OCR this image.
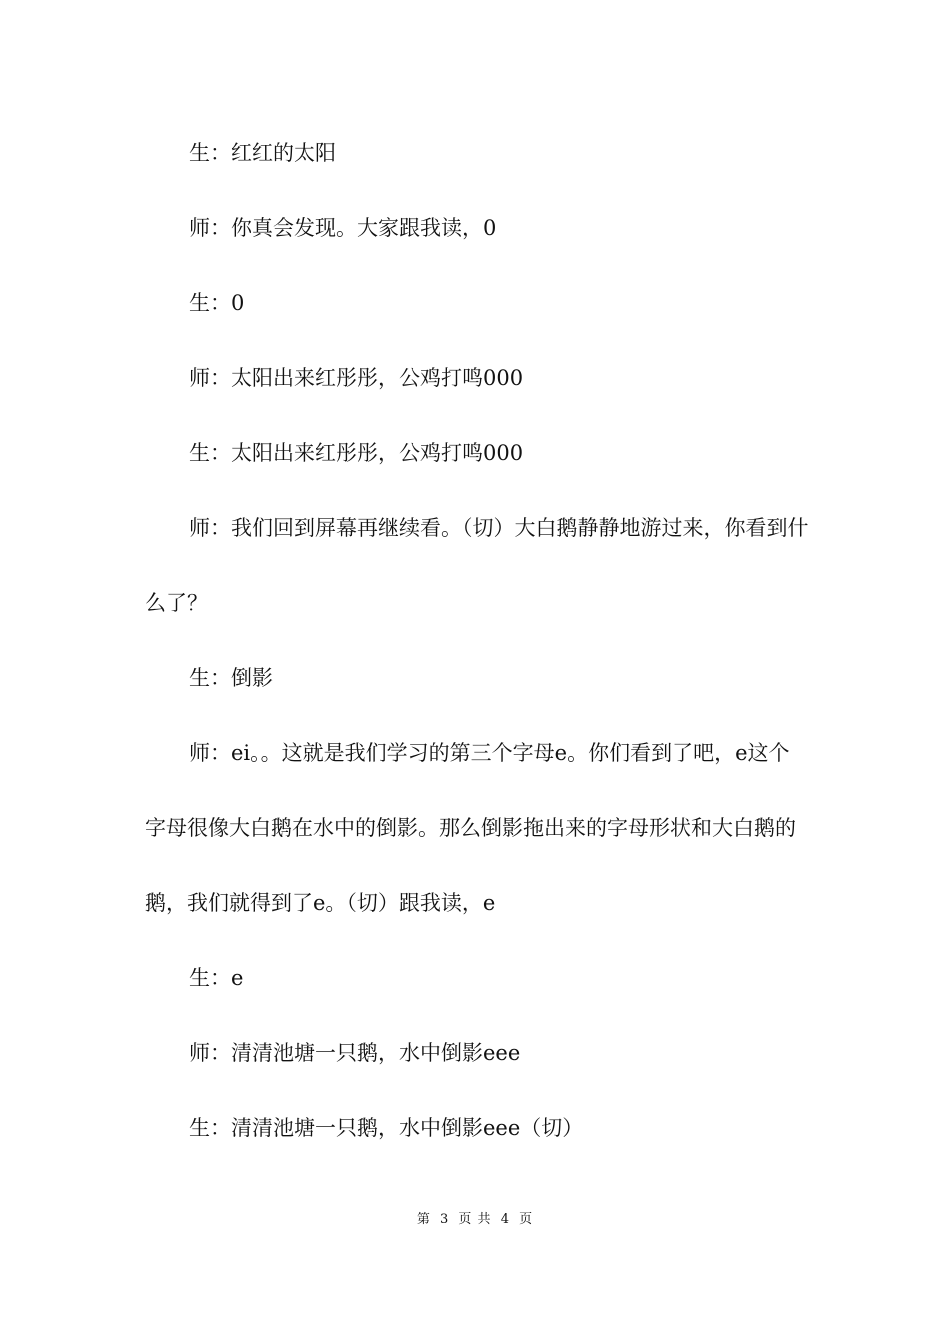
生：红红的太阳

师：你真会发现。大家跟我读，0

生：0

师：太阳出来红彤彤，公鸡打鸣000

生：太阳出来红彤彤，公鸡打鸣000

师：我们回到屏幕再继续看。（切）大白鹅静静地游过来，你看到什么了？

生：倒影

师：ei。。这就是我们学习的第三个字母e。你们看到了吧，e这个字母很像大白鹅在水中的倒影。那么倒影拖出来的字母形状和大白鹅的鹅，我们就得到了e。（切）跟我读，e

生：e

师：清清池塘一只鹅，水中倒影eee

生：清清池塘一只鹅，水中倒影eee（切）

第 3 页 共 4 页
